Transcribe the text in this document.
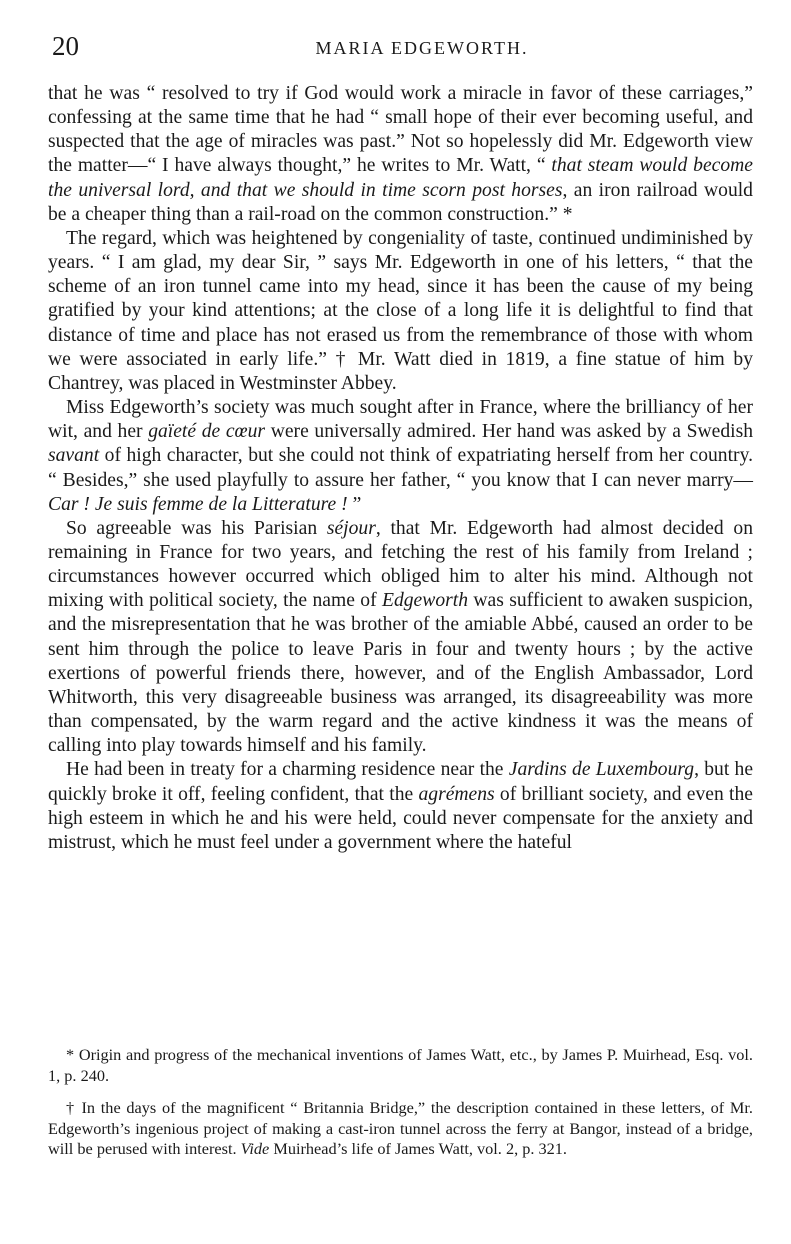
20	MARIA EDGEWORTH.

that he was “ resolved to try if God would work a miracle in favor of these carriages,” confessing at the same time that he had “ small hope of their ever becoming useful, and suspected that the age of miracles was past.” Not so hopelessly did Mr. Edgeworth view the matter—“ I have always thought,” he writes to Mr. Watt, “ that steam would become the universal lord, and that we should in time scorn post horses, an iron railroad would be a cheaper thing than a rail-road on the common construction.” *

The regard, which was heightened by congeniality of taste, continued undiminished by years. “ I am glad, my dear Sir, ” says Mr. Edgeworth in one of his letters, “ that the scheme of an iron tunnel came into my head, since it has been the cause of my being gratified by your kind attentions; at the close of a long life it is delightful to find that distance of time and place has not erased us from the remembrance of those with whom we were associated in early life.” † Mr. Watt died in 1819, a fine statue of him by Chantrey, was placed in Westminster Abbey.

Miss Edgeworth’s society was much sought after in France, where the brilliancy of her wit, and her gaïeté de cœur were universally admired. Her hand was asked by a Swedish savant of high character, but she could not think of expatriating herself from her country. “ Besides,” she used playfully to assure her father, “ you know that I can never marry—Car ! Je suis femme de la Litterature ! ”

So agreeable was his Parisian séjour, that Mr. Edgeworth had almost decided on remaining in France for two years, and fetching the rest of his family from Ireland ; circumstances however occurred which obliged him to alter his mind. Although not mixing with political society, the name of Edgeworth was sufficient to awaken suspicion, and the misrepresentation that he was brother of the amiable Abbé, caused an order to be sent him through the police to leave Paris in four and twenty hours ; by the active exertions of powerful friends there, however, and of the English Ambassador, Lord Whitworth, this very disagreeable business was arranged, its disagreeability was more than compensated, by the warm regard and the active kindness it was the means of calling into play towards himself and his family.

He had been in treaty for a charming residence near the Jardins de Luxembourg, but he quickly broke it off, feeling confident, that the agrémens of brilliant society, and even the high esteem in which he and his were held, could never compensate for the anxiety and mistrust, which he must feel under a government where the hateful

* Origin and progress of the mechanical inventions of James Watt, etc., by James P. Muirhead, Esq. vol. 1, p. 240.

† In the days of the magnificent “ Britannia Bridge,” the description contained in these letters, of Mr. Edgeworth’s ingenious project of making a cast-iron tunnel across the ferry at Bangor, instead of a bridge, will be perused with interest. Vide Muirhead’s life of James Watt, vol. 2, p. 321.
